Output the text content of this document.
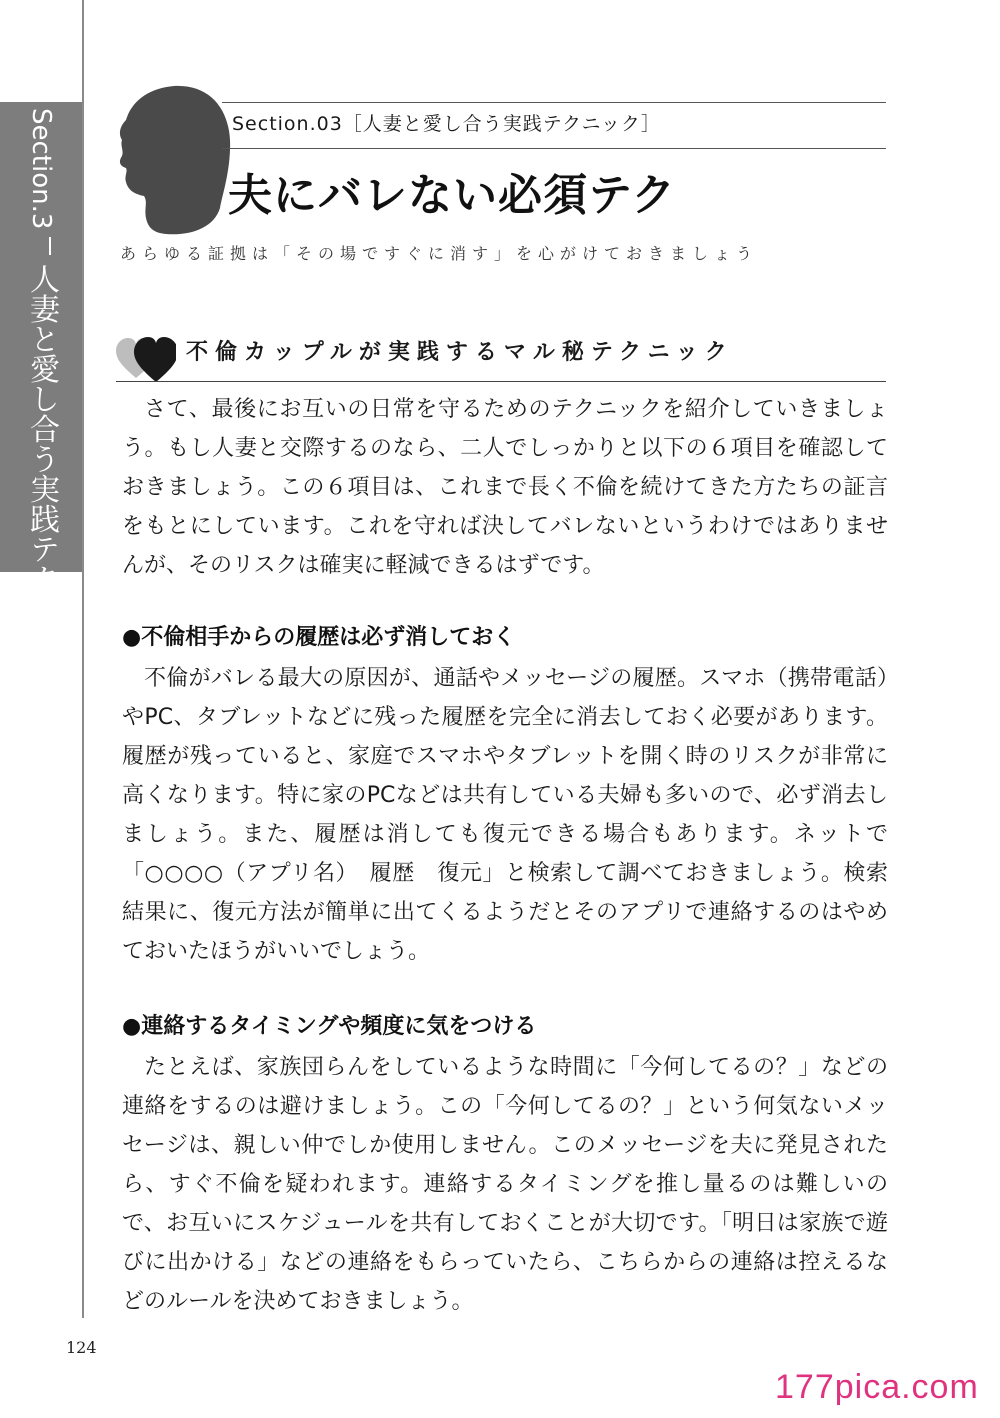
Section.3人妻と愛し合う実践テクニック
Section.03［人妻と愛し合う実践テクニック］
夫にバレない必須テク
あらゆる証拠は「その場ですぐに消す」を心がけておきましょう
不倫カップルが実践するマル秘テクニック

さて、最後にお互いの日常を守るためのテクニックを紹介していきましょう。もし人妻と交際するのなら、二人でしっかりと以下の６項目を確認しておきましょう。この６項目は、これまで長く不倫を続けてきた方たちの証言をもとにしています。これを守れば決してバレないというわけではありませんが、そのリスクは確実に軽減できるはずです。

●不倫相手からの履歴は必ず消しておく

不倫がバレる最大の原因が、通話やメッセージの履歴。スマホ（携帯電話）やPC、タブレットなどに残った履歴を完全に消去しておく必要があります。履歴が残っていると、家庭でスマホやタブレットを開く時のリスクが非常に高くなります。特に家のPCなどは共有している夫婦も多いので、必ず消去しましょう。また、履歴は消しても復元できる場合もあります。ネットで「○○○○（アプリ名）　履歴　復元」と検索して調べておきましょう。検索結果に、復元方法が簡単に出てくるようだとそのアプリで連絡するのはやめておいたほうがいいでしょう。

●連絡するタイミングや頻度に気をつける

たとえば、家族団らんをしているような時間に「今何してるの？」などの連絡をするのは避けましょう。この「今何してるの？」という何気ないメッセージは、親しい仲でしか使用しません。このメッセージを夫に発見されたら、すぐ不倫を疑われます。連絡するタイミングを推し量るのは難しいので、お互いにスケジュールを共有しておくことが大切です。「明日は家族で遊びに出かける」などの連絡をもらっていたら、こちらからの連絡は控えるなどのルールを決めておきましょう。

124
177pica.com
